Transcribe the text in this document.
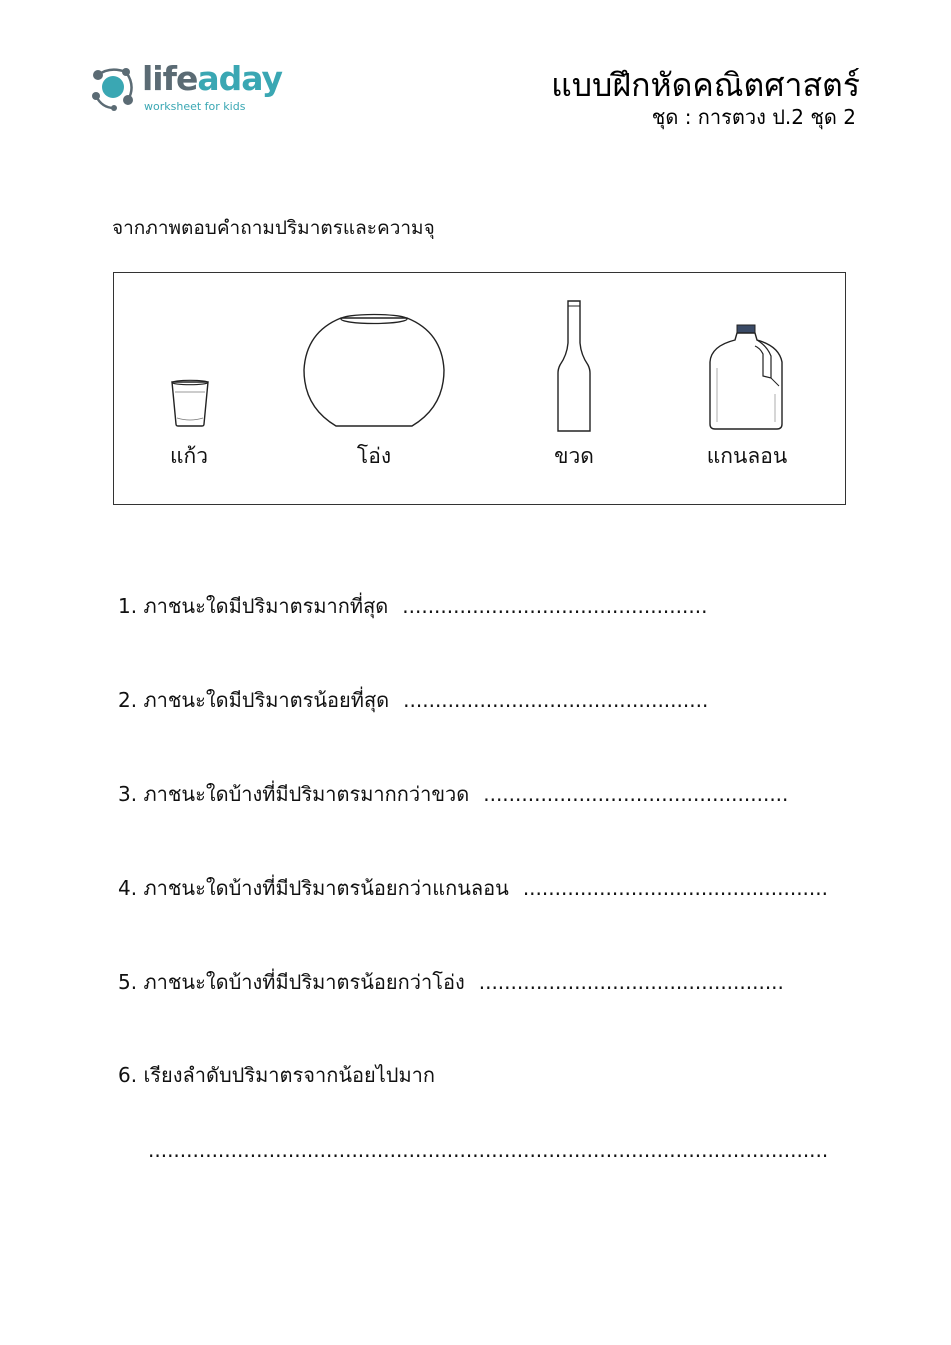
lifeaday
worksheet for kids
แบบฝึกหัดคณิตศาสตร์
ชุด : การตวง ป.2 ชุด 2
จากภาพตอบคำถามปริมาตรและความจุ
แก้ว	โอ่ง	ขวด	แกนลอน
1. ภาชนะใดมีปริมาตรมากที่สุด ................................................
2. ภาชนะใดมีปริมาตรน้อยที่สุด ................................................
3. ภาชนะใดบ้างที่มีปริมาตรมากกว่าขวด ................................................
4. ภาชนะใดบ้างที่มีปริมาตรน้อยกว่าแกนลอน ................................................
5. ภาชนะใดบ้างที่มีปริมาตรน้อยกว่าโอ่ง ................................................
6. เรียงลำดับปริมาตรจากน้อยไปมาก
...........................................................................................................
